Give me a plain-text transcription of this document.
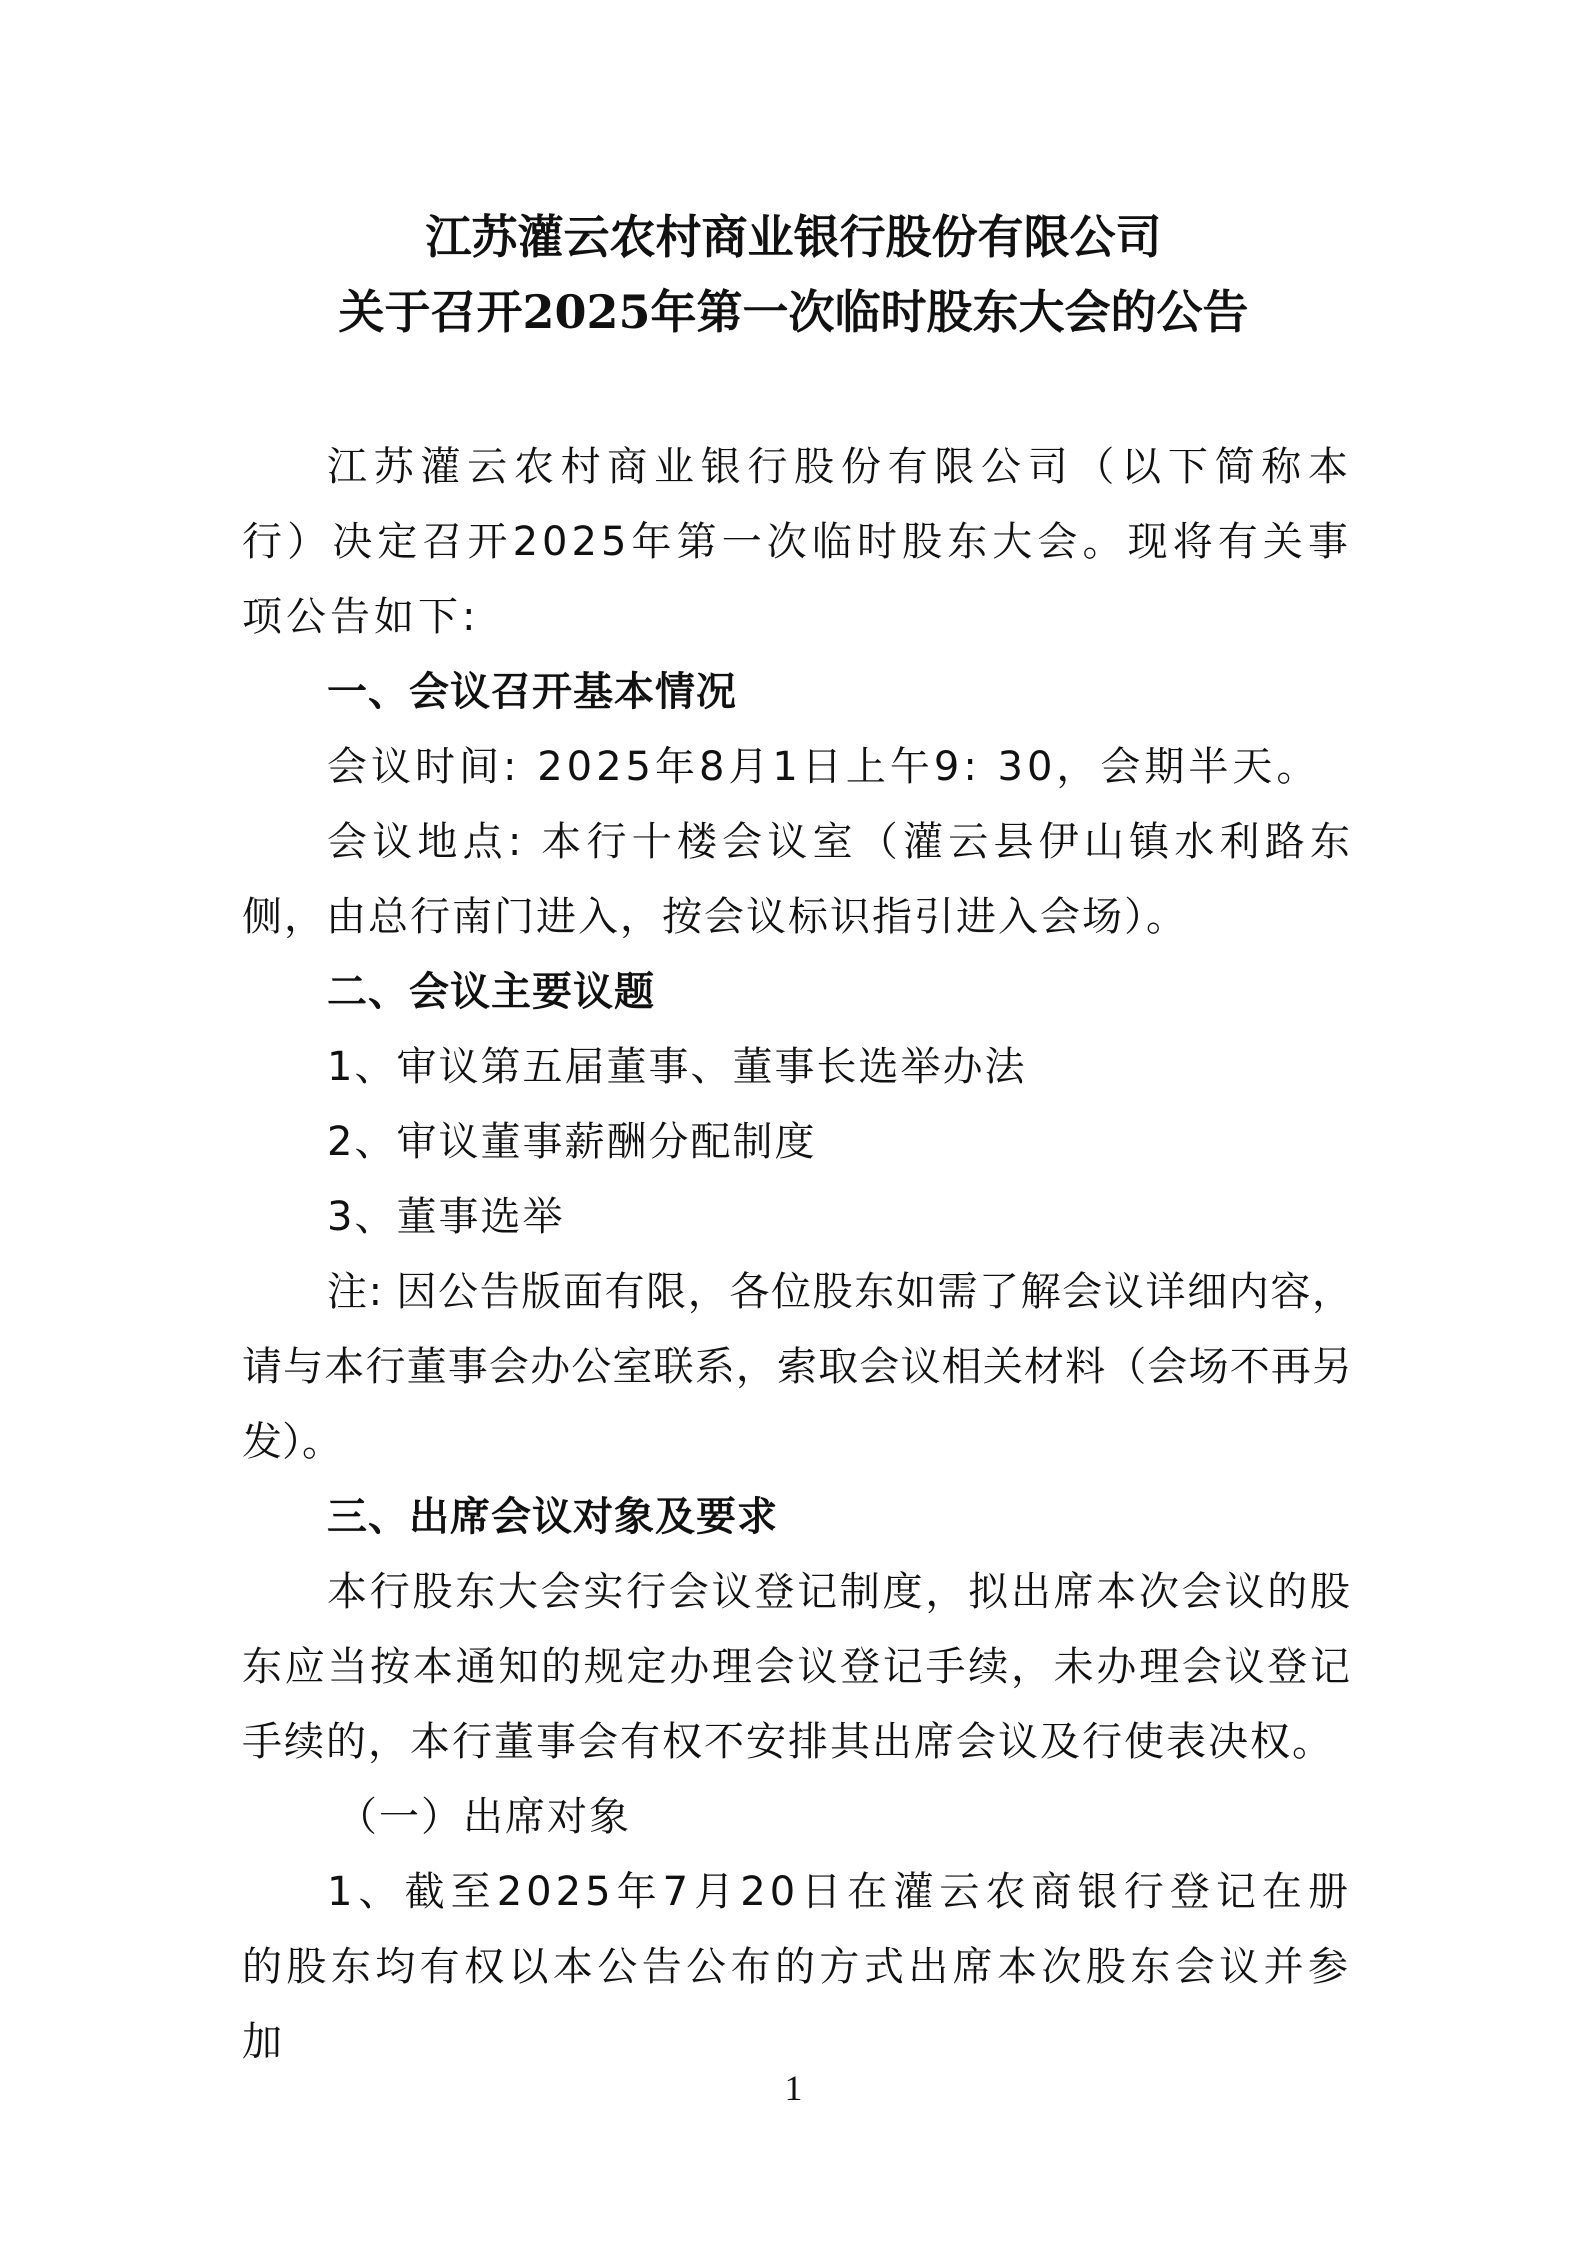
江苏灌云农村商业银行股份有限公司
关于召开2025年第一次临时股东大会的公告

江苏灌云农村商业银行股份有限公司（以下简称本行）决定召开2025年第一次临时股东大会。现将有关事项公告如下:

一、会议召开基本情况

会议时间: 2025年8月1日上午9: 30，会期半天。

会议地点: 本行十楼会议室（灌云县伊山镇水利路东侧，由总行南门进入，按会议标识指引进入会场）。

二、会议主要议题

1、审议第五届董事、董事长选举办法

2、审议董事薪酬分配制度

3、董事选举

注: 因公告版面有限，各位股东如需了解会议详细内容，请与本行董事会办公室联系，索取会议相关材料（会场不再另发）。

三、出席会议对象及要求

本行股东大会实行会议登记制度，拟出席本次会议的股东应当按本通知的规定办理会议登记手续，未办理会议登记手续的，本行董事会有权不安排其出席会议及行使表决权。

（一）出席对象

1、截至2025年7月20日在灌云农商银行登记在册的股东均有权以本公告公布的方式出席本次股东会议并参加

1
